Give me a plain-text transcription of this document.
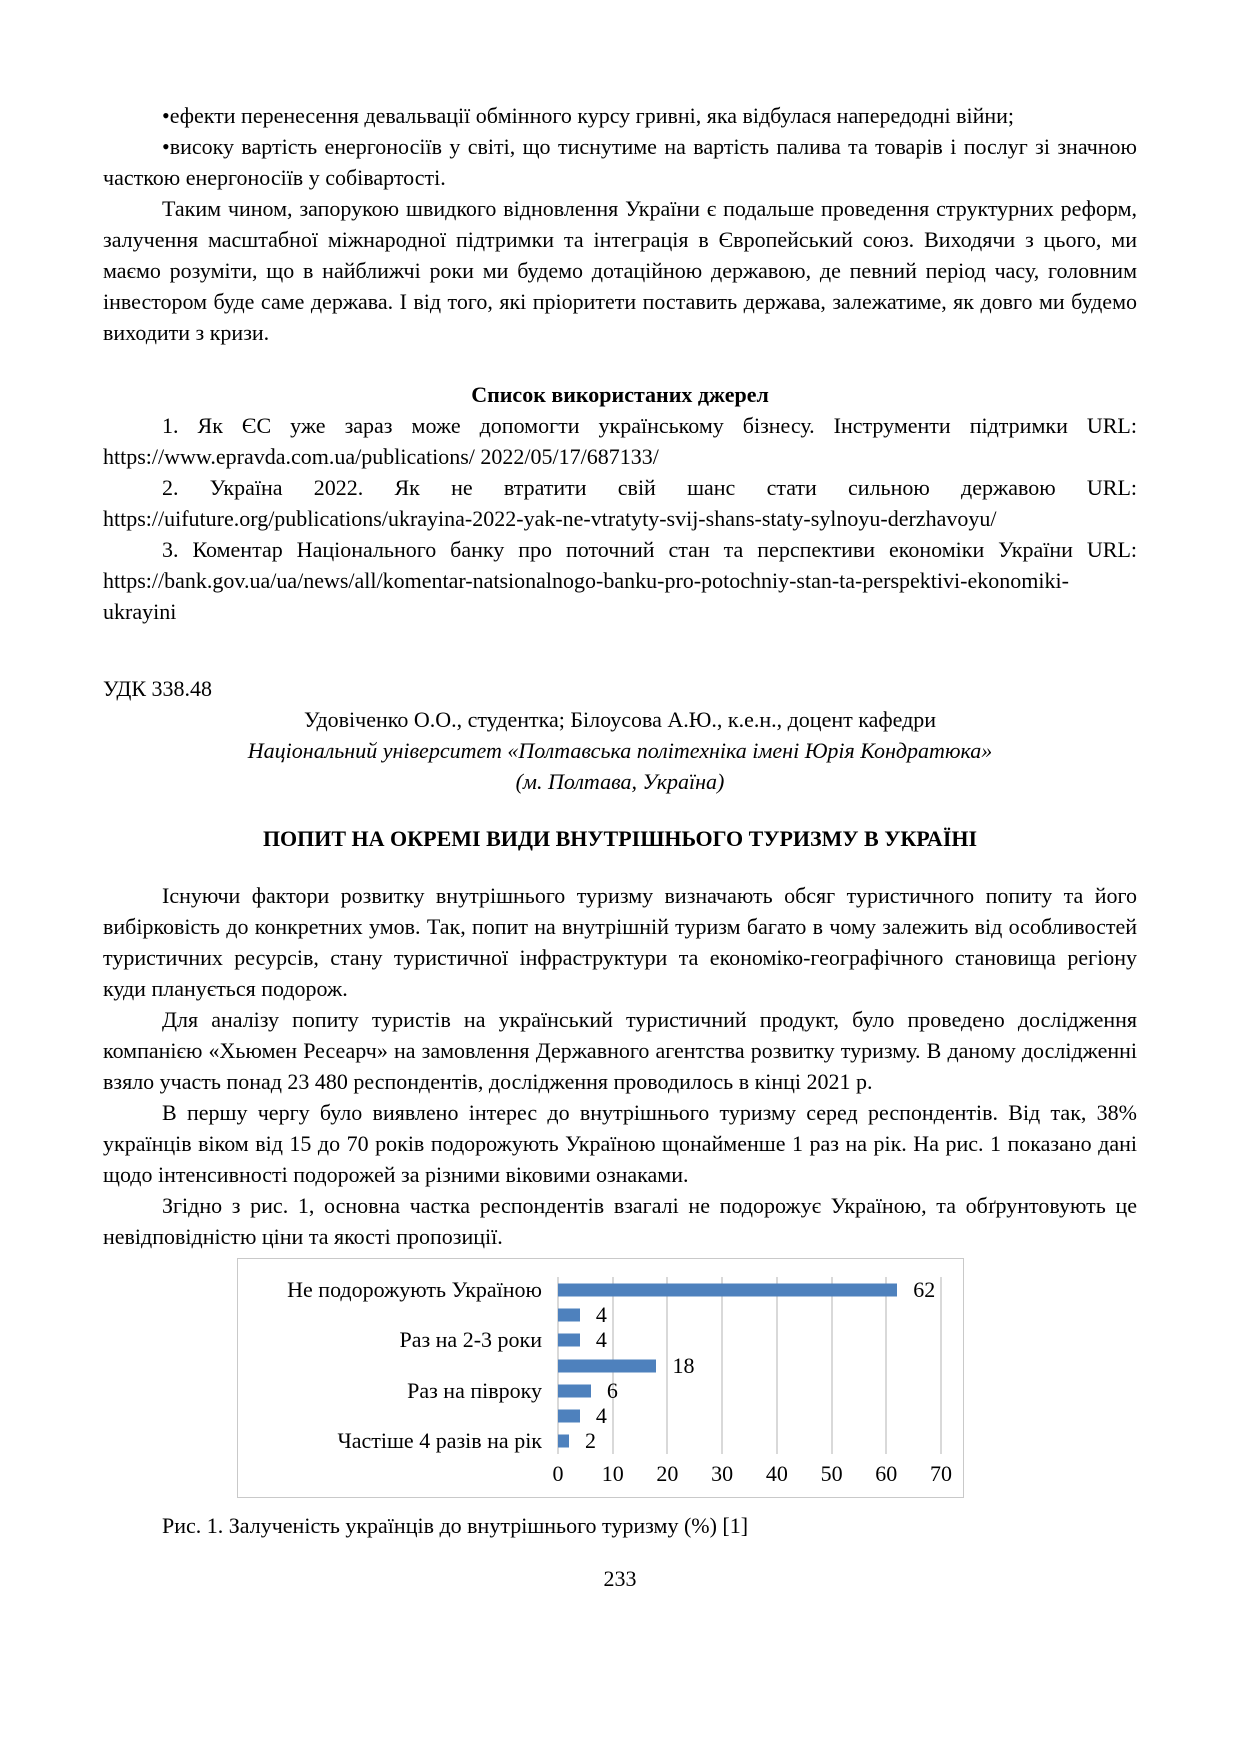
•ефекти перенесення девальвації обмінного курсу гривні, яка відбулася напередодні війни;

•високу вартість енергоносіїв у світі, що тиснутиме на вартість палива та товарів і послуг зі значною часткою енергоносіїв у собівартості.

Таким чином, запорукою швидкого відновлення України є подальше проведення структурних реформ, залучення масштабної міжнародної підтримки та інтеграція в Європейський союз. Виходячи з цього, ми маємо розуміти, що в найближчі роки ми будемо дотаційною державою, де певний період часу, головним інвестором буде саме держава. І від того, які пріоритети поставить держава, залежатиме, як довго ми будемо виходити з кризи.

Список використаних джерел

1. Як ЄС уже зараз може допомогти українському бізнесу. Інструменти підтримки URL: https://www.epravda.com.ua/publications/ 2022/05/17/687133/

2. Україна 2022. Як не втратити свій шанс стати сильною державою URL: https://uifuture.org/publications/ukrayina-2022-yak-ne-vtratyty-svij-shans-staty-sylnoyu-derzhavoyu/

3. Коментар Національного банку про поточний стан та перспективи економіки України URL: https://bank.gov.ua/ua/news/all/komentar-natsionalnogo-banku-pro-potochniy-stan-ta-perspektivi-ekonomiki-ukrayini

УДК 338.48

Удовіченко О.О., студентка; Білоусова А.Ю., к.е.н., доцент кафедри

Національний університет «Полтавська політехніка імені Юрія Кондратюка»

(м. Полтава, Україна)

ПОПИТ НА ОКРЕМІ ВИДИ ВНУТРІШНЬОГО ТУРИЗМУ В УКРАЇНІ

Існуючи фактори розвитку внутрішнього туризму визначають обсяг туристичного попиту та його вибірковість до конкретних умов. Так, попит на внутрішній туризм багато в чому залежить від особливостей туристичних ресурсів, стану туристичної інфраструктури та економіко-географічного становища регіону куди планується подорож.

Для аналізу попиту туристів на український туристичний продукт, було проведено дослідження компанією «Хьюмен Ресеарч» на замовлення Державного агентства розвитку туризму. В даному дослідженні взяло участь понад 23 480 респондентів, дослідження проводилось в кінці 2021 р.

В першу чергу було виявлено інтерес до внутрішнього туризму серед респондентів. Від так, 38% українців віком від 15 до 70 років подорожують Україною щонайменше 1 раз на рік. На рис. 1 показано дані щодо інтенсивності подорожей за різними віковими ознаками.

Згідно з рис. 1, основна частка респондентів взагалі не подорожує Україною, та обґрунтовують це невідповідністю ціни та якості пропозиції.

Не подорожують Україною
Раз на 2-3 роки
Раз на півроку
Частіше 4 разів на рік
62
4
4
18
6
4
2
0 10 20 30 40 50 60 70

Рис. 1. Залученість українців до внутрішнього туризму (%) [1]

233
